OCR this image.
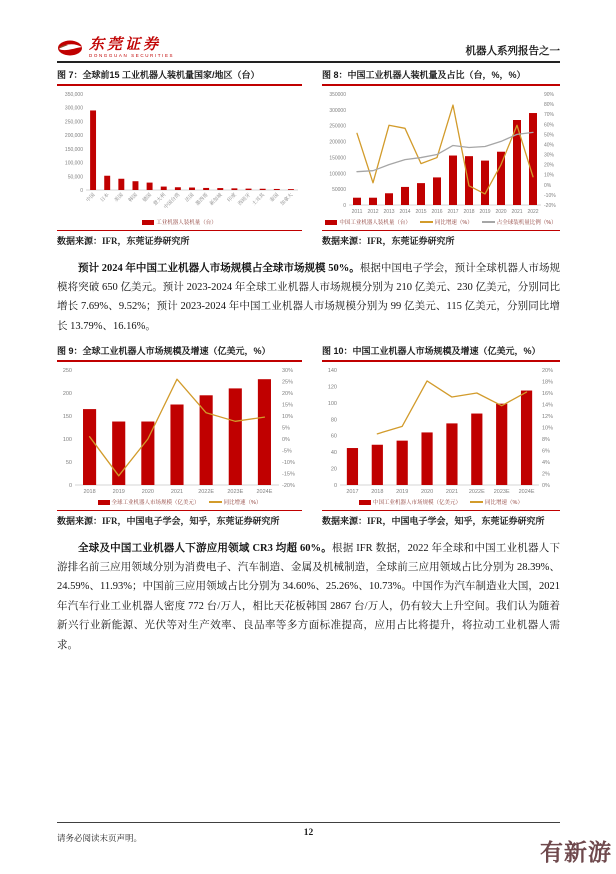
东莞证券
DONGGUAN SECURITIES	机器人系列报告之一
图 7：全球前15 工业机器人装机量国家/地区（台）
0
50,000
100,000
150,000
200,000
250,000
300,000
350,000
中国 日本 美国 韩国 德国 意大利
中国台湾 法国 墨西哥 新加坡 印度 西班牙 土耳其 泰国 加拿大
工业机器人装机量（台）
数据来源：IFR，东莞证券研究所
图 8：中国工业机器人装机量及占比（台，%，%）
-20%
-10%
0%
10%
20%
30%
40%
50%
60%
70%
80%
90%
0
50000
100000
150000
200000
250000
300000
350000
2011 2012 2013 2014 2015 2016 2017 2018 2019 2020 2021 2022
中国工业机器人装机量（台）	同比增速（%）	占全球装机量比例（%）
数据来源：IFR，东莞证券研究所

预计 2024 年中国工业机器人市场规模占全球市场规模 50%。根据中国电子学会，预计全球机器人市场规模将突破 650 亿美元。预计 2023-2024 年全球工业机器人市场规模分别为 210 亿美元、230 亿美元，分别同比增长 7.69%、9.52%；预计 2023-2024 年中国工业机器人市场规模分别为 99 亿美元、115 亿美元，分别同比增长 13.79%、16.16%。

图 9：全球工业机器人市场规模及增速（亿美元，%）
-20%
-15%
-10%
-5%
0%
5%
10%
15%
20%
25%
30%
0
50
100
150
200
250
2018	2019	2020	2021	2022E 2023E 2024E
全球工业机器人市场规模（亿美元）	同比增速（%）
数据来源：IFR，中国电子学会，知乎，东莞证券研究所
图 10：中国工业机器人市场规模及增速（亿美元，%）
0%
2%
4%
6%
8%
10%
12%
14%
16%
18%
20%
0
20
40
60
80
100
120
140
2017 2018 2019 2020 2021 2022E 2023E 2024E
中国工业机器人市场规模（亿美元）	同比增速（%）
数据来源：IFR，中国电子学会，知乎，东莞证券研究所

全球及中国工业机器人下游应用领域 CR3 均超 60%。根据 IFR 数据，2022 年全球和中国工业机器人下游排名前三应用领域分别为消费电子、汽车制造、金属及机械制造，全球前三应用领域占比分别为 28.39%、24.59%、11.93%；中国前三应用领域占比分别为 34.60%、25.26%、10.73%。中国作为汽车制造业大国，2021 年汽车行业工业机器人密度 772 台/万人，相比天花板韩国 2867 台/万人，仍有较大上升空间。我们认为随着新兴行业新能源、光伏等对生产效率、良品率等多方面标准提高，应用占比将提升，将拉动工业机器人需求。

请务必阅读末页声明。	12
有新游
